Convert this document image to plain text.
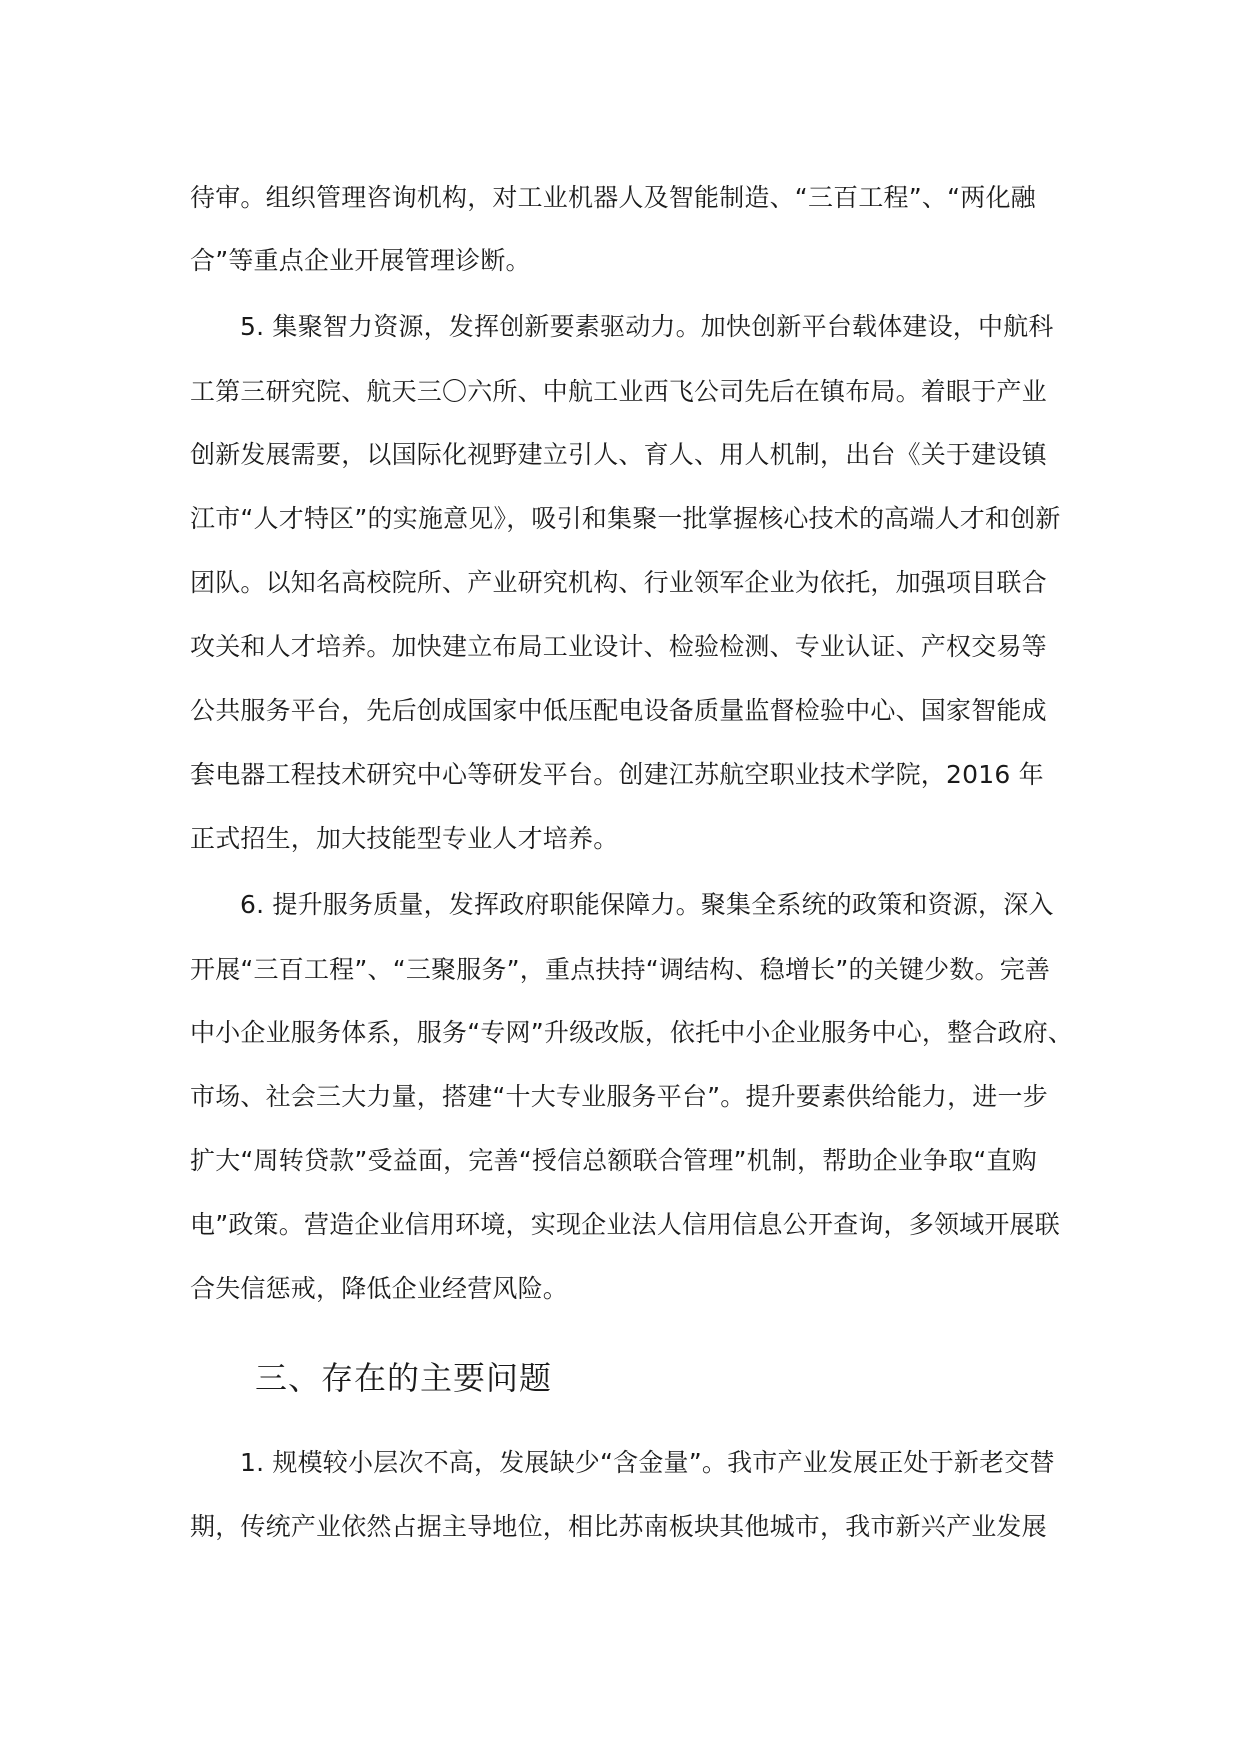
待审。组织管理咨询机构，对工业机器人及智能制造、“三百工程”、“两化融
合”等重点企业开展管理诊断。
5. 集聚智力资源，发挥创新要素驱动力。加快创新平台载体建设，中航科
工第三研究院、航天三〇六所、中航工业西飞公司先后在镇布局。着眼于产业
创新发展需要，以国际化视野建立引人、育人、用人机制，出台《关于建设镇
江市“人才特区”的实施意见》，吸引和集聚一批掌握核心技术的高端人才和创新
团队。以知名高校院所、产业研究机构、行业领军企业为依托，加强项目联合
攻关和人才培养。加快建立布局工业设计、检验检测、专业认证、产权交易等
公共服务平台，先后创成国家中低压配电设备质量监督检验中心、国家智能成
套电器工程技术研究中心等研发平台。创建江苏航空职业技术学院，2016 年
正式招生，加大技能型专业人才培养。
6. 提升服务质量，发挥政府职能保障力。聚集全系统的政策和资源，深入
开展“三百工程”、“三聚服务”，重点扶持“调结构、稳增长”的关键少数。完善
中小企业服务体系，服务“专网”升级改版，依托中小企业服务中心，整合政府、
市场、社会三大力量，搭建“十大专业服务平台”。提升要素供给能力，进一步
扩大“周转贷款”受益面，完善“授信总额联合管理”机制，帮助企业争取“直购
电”政策。营造企业信用环境，实现企业法人信用信息公开查询，多领域开展联
合失信惩戒，降低企业经营风险。
三、存在的主要问题
1. 规模较小层次不高，发展缺少“含金量”。我市产业发展正处于新老交替
期，传统产业依然占据主导地位，相比苏南板块其他城市，我市新兴产业发展
